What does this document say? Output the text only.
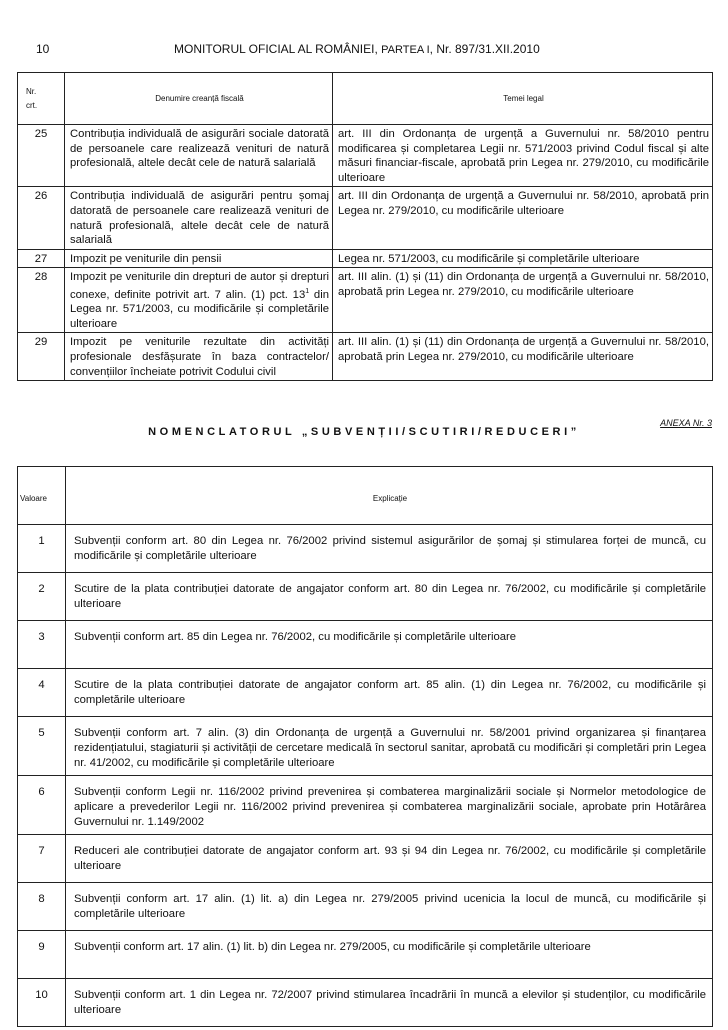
10	MONITORUL OFICIAL AL ROMÂNIEI, PARTEA I, Nr. 897/31.XII.2010
Nr.
crt.	Denumire creanță fiscală	Temei legal
25	Contribuția individuală de asigurări sociale datorată de persoanele care realizează venituri de natură profesională, altele decât cele de natură salarială	art. III din Ordonanța de urgență a Guvernului nr. 58/2010 pentru modificarea și completarea Legii nr. 571/2003 privind Codul fiscal și alte măsuri financiar-fiscale, aprobată prin Legea nr. 279/2010, cu modificările ulterioare
26	Contribuția individuală de asigurări pentru șomaj datorată de persoanele care realizează venituri de natură profesională, altele decât cele de natură salarială	art. III din Ordonanța de urgență a Guvernului nr. 58/2010, aprobată prin Legea nr. 279/2010, cu modificările ulterioare
27	Impozit pe veniturile din pensii	Legea nr. 571/2003, cu modificările și completările ulterioare
28	Impozit pe veniturile din drepturi de autor și drepturi conexe, definite potrivit art. 7 alin. (1) pct. $13^1$ din Legea nr. 571/2003, cu modificările și completările ulterioare	art. III alin. (1) și (11) din Ordonanța de urgență a Guvernului nr. 58/2010, aprobată prin Legea nr. 279/2010, cu modificările ulterioare
29	Impozit pe veniturile rezultate din activități profesionale desfășurate în baza contractelor/ convențiilor încheiate potrivit Codului civil	art. III alin. (1) și (11) din Ordonanța de urgență a Guvernului nr. 58/2010, aprobată prin Legea nr. 279/2010, cu modificările ulterioare
ANEXA Nr. 3
NOMENCLATORUL „SUBVENȚII/SCUTIRI/REDUCERI”
Valoare	Explicație
1	Subvenții conform art. 80 din Legea nr. 76/2002 privind sistemul asigurărilor de șomaj și stimularea forței de muncă, cu modificările și completările ulterioare
2	Scutire de la plata contribuției datorate de angajator conform art. 80 din Legea nr. 76/2002, cu modificările și completările ulterioare
3	Subvenții conform art. 85 din Legea nr. 76/2002, cu modificările și completările ulterioare
4	Scutire de la plata contribuției datorate de angajator conform art. 85 alin. (1) din Legea nr. 76/2002, cu modificările și completările ulterioare
5	Subvenții conform art. 7 alin. (3) din Ordonanța de urgență a Guvernului nr. 58/2001 privind organizarea și finanțarea rezidențiatului, stagiaturii și activității de cercetare medicală în sectorul sanitar, aprobată cu modificări și completări prin Legea nr. 41/2002, cu modificările și completările ulterioare
6	Subvenții conform Legii nr. 116/2002 privind prevenirea și combaterea marginalizării sociale și Normelor metodologice de aplicare a prevederilor Legii nr. 116/2002 privind prevenirea și combaterea marginalizării sociale, aprobate prin Hotărârea Guvernului nr. 1.149/2002
7	Reduceri ale contribuției datorate de angajator conform art. 93 și 94 din Legea nr. 76/2002, cu modificările și completările ulterioare
8	Subvenții conform art. 17 alin. (1) lit. a) din Legea nr. 279/2005 privind ucenicia la locul de muncă, cu modificările și completările ulterioare
9	Subvenții conform art. 17 alin. (1) lit. b) din Legea nr. 279/2005, cu modificările și completările ulterioare
10	Subvenții conform art. 1 din Legea nr. 72/2007 privind stimularea încadrării în muncă a elevilor și studenților, cu modificările ulterioare
